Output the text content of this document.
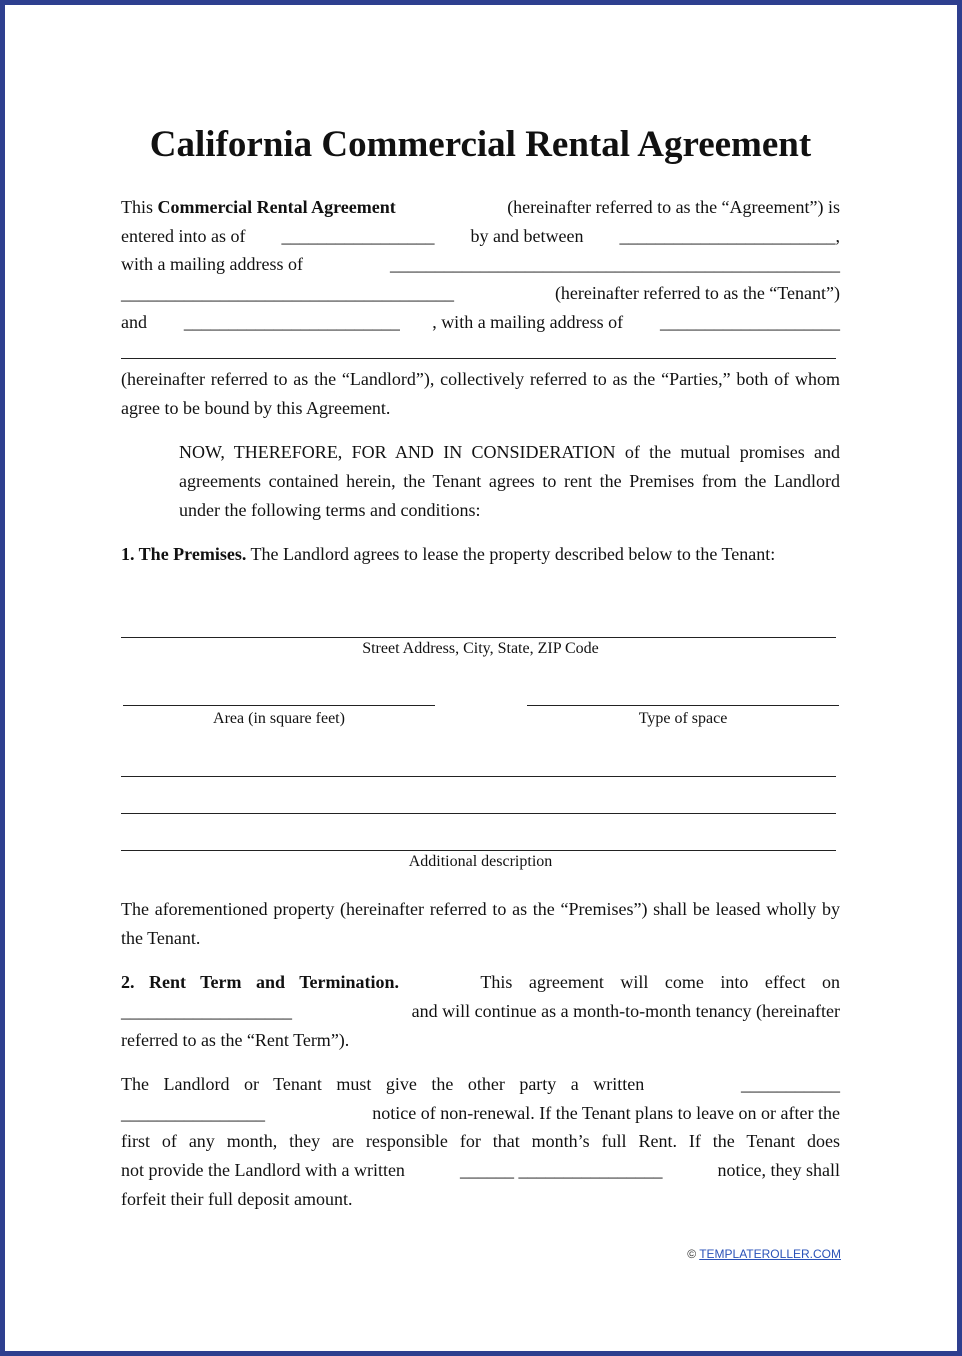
California Commercial Rental Agreement
This Commercial Rental Agreement	(hereinafter referred to as the “Agreement”) is
entered into as of _________________ by and between ________________________,
with a mailing address of	__________________________________________________
_____________________________________	(hereinafter referred to as the “Tenant”)
and ________________________ , with a mailing address of ____________________

(hereinafter referred to as the “Landlord”), collectively referred to as the “Parties,” both of whom agree to be bound by this Agreement.

NOW, THEREFORE, FOR AND IN CONSIDERATION of the mutual promises and agreements contained herein, the Tenant agrees to rent the Premises from the Landlord under the following terms and conditions:

1. The Premises. The Landlord agrees to lease the property described below to the Tenant:

Street Address, City, State, ZIP Code
Area (in square feet)	Type of space
Additional description

The aforementioned property (hereinafter referred to as the “Premises”) shall be leased wholly by the Tenant.

2. Rent Term and Termination.	This agreement will come into effect on
___________________	and will continue as a month-to-month tenancy (hereinafter
referred to as the “Rent Term”).
The Landlord or Tenant must give the other party a written	___________
________________	notice of non-renewal. If the Tenant plans to leave on or after the
first of any month, they are responsible for that month’s full Rent. If the Tenant does
not provide the Landlord with a written	______ ________________	notice, they shall
forfeit their full deposit amount.
© TEMPLATEROLLER.COM
